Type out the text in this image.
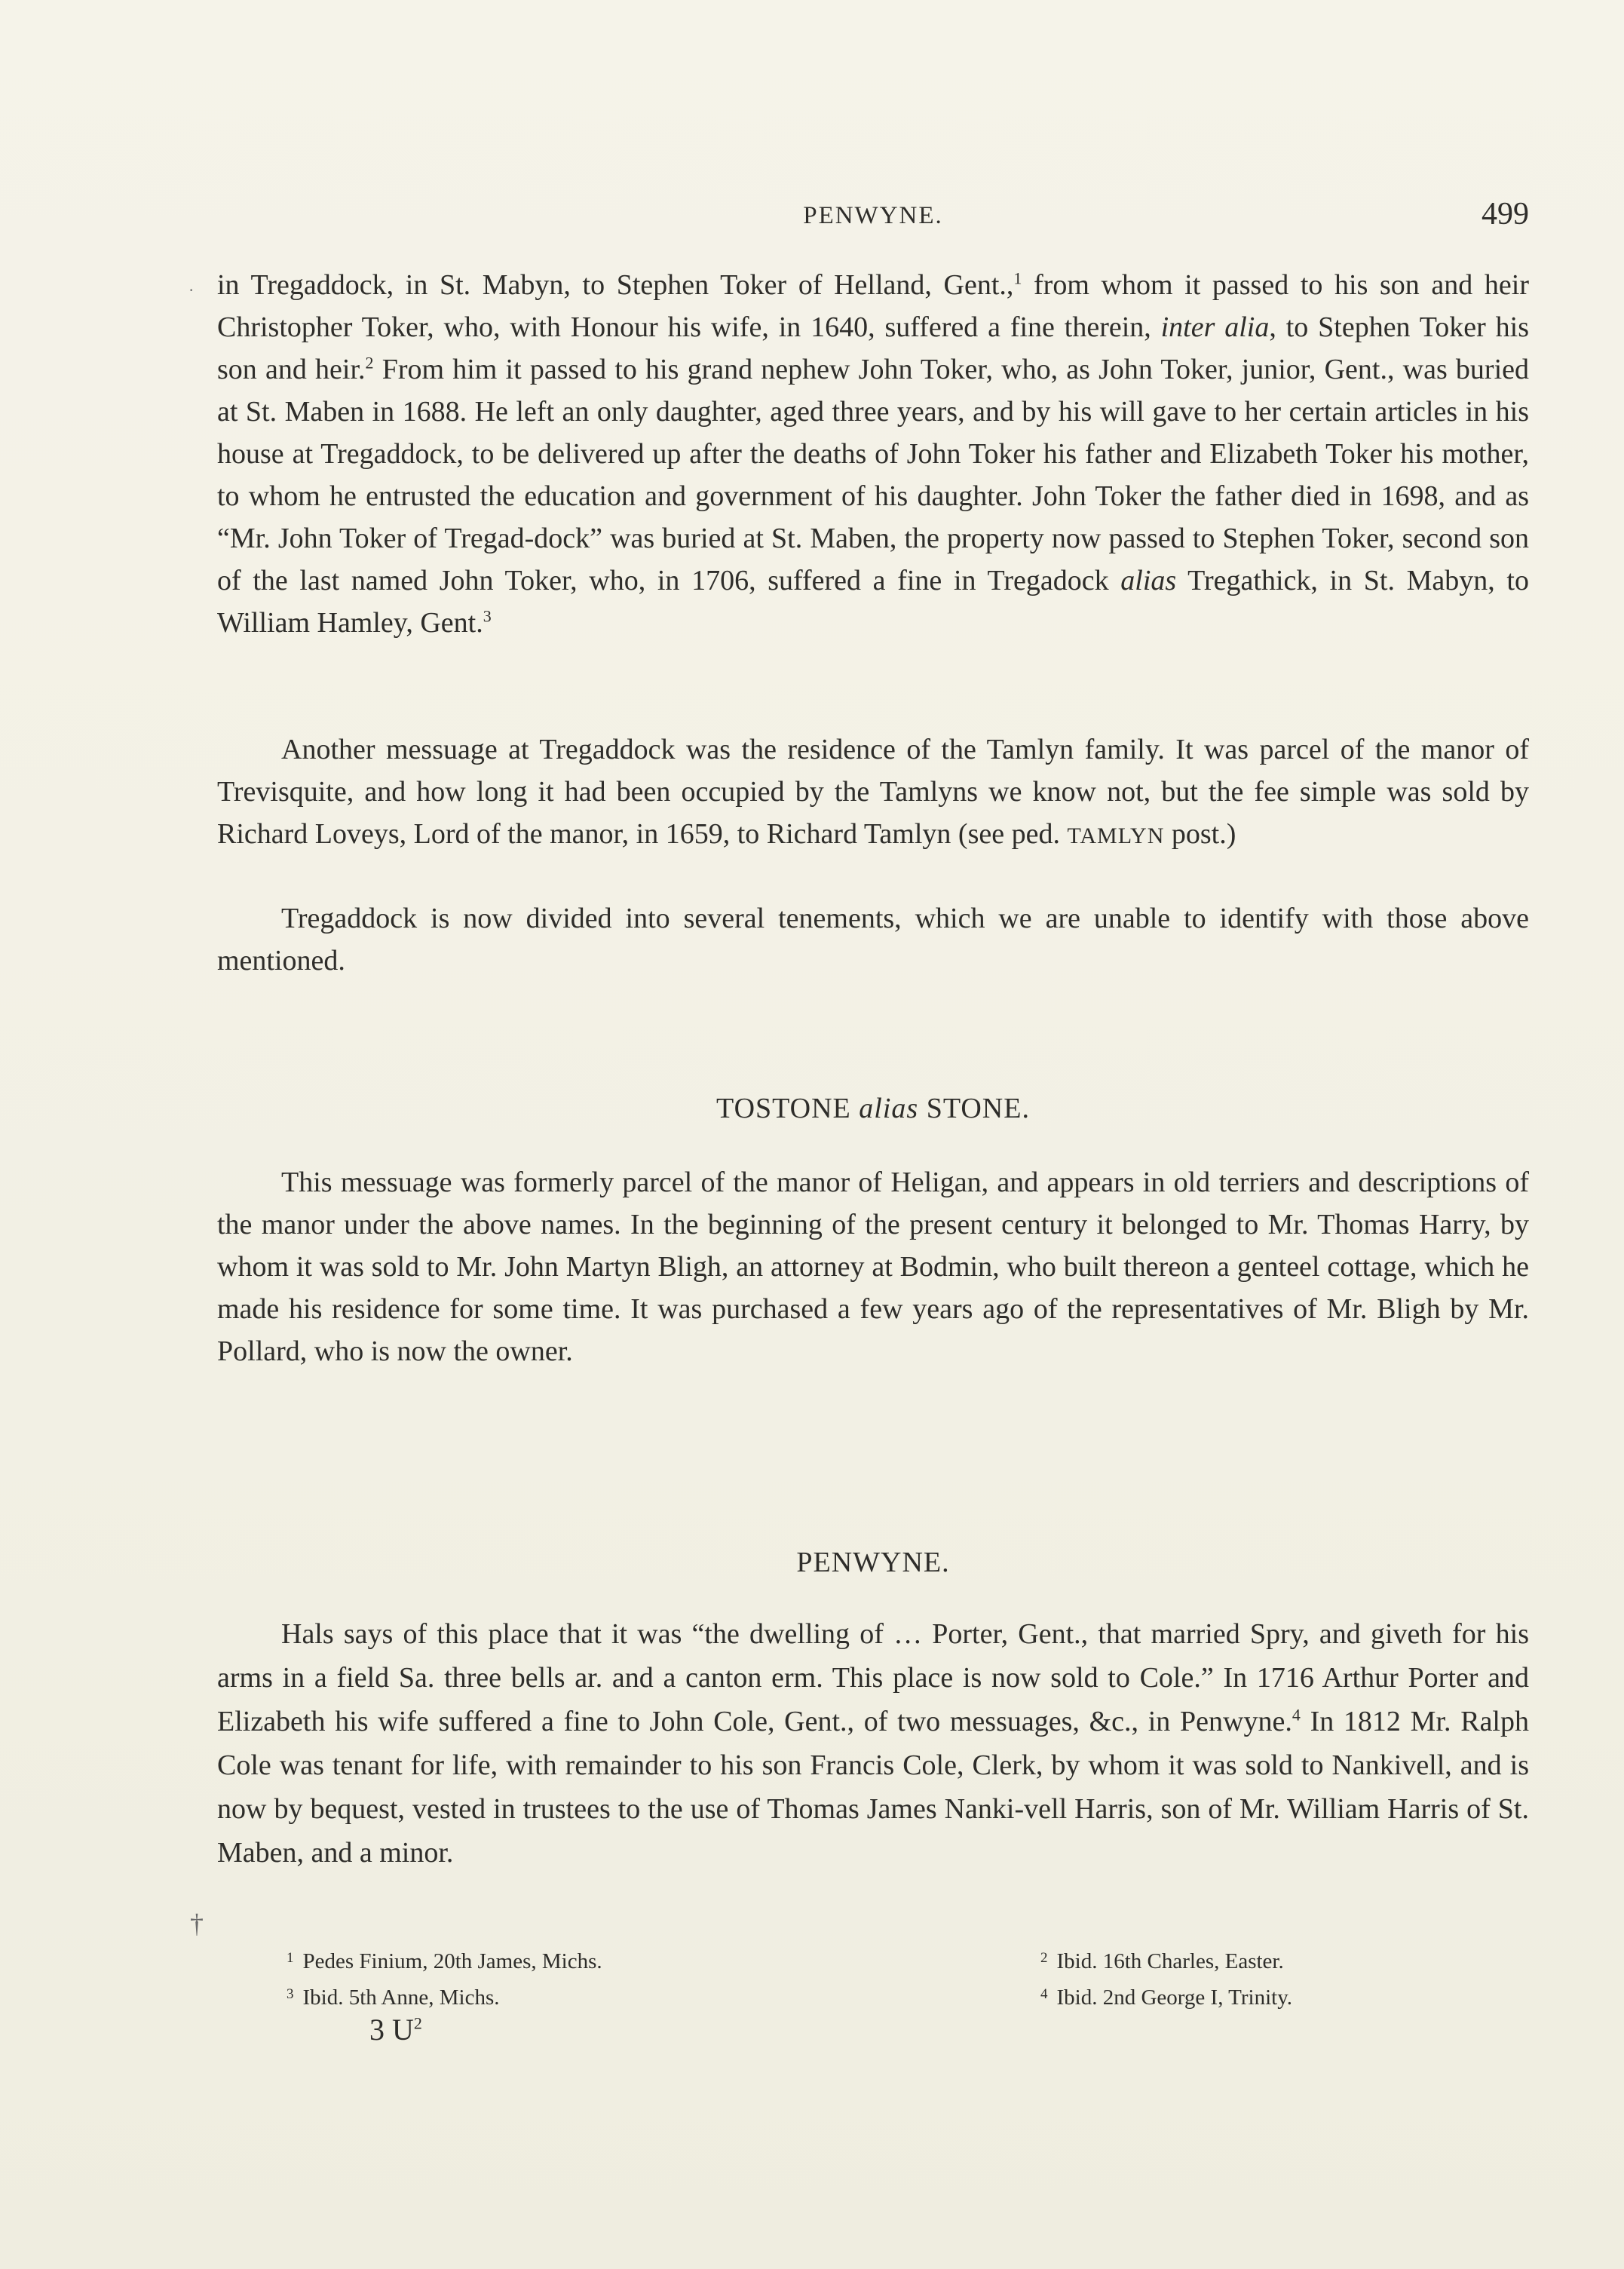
PENWYNE.	499

in Tregaddock, in St. Mabyn, to Stephen Toker of Helland, Gent.,$^1$ from whom it passed to his son and heir Christopher Toker, who, with Honour his wife, in 1640, suffered a fine therein, inter alia, to Stephen Toker his son and heir.$^2$ From him it passed to his grand nephew John Toker, who, as John Toker, junior, Gent., was buried at St. Maben in 1688. He left an only daughter, aged three years, and by his will gave to her certain articles in his house at Tregaddock, to be delivered up after the deaths of John Toker his father and Elizabeth Toker his mother, to whom he entrusted the education and government of his daughter. John Toker the father died in 1698, and as “Mr. John Toker of Tregad-dock” was buried at St. Maben, the property now passed to Stephen Toker, second son of the last named John Toker, who, in 1706, suffered a fine in Tregadock alias Tregathick, in St. Mabyn, to William Hamley, Gent.$^3$

Another messuage at Tregaddock was the residence of the Tamlyn family. It was parcel of the manor of Trevisquite, and how long it had been occupied by the Tamlyns we know not, but the fee simple was sold by Richard Loveys, Lord of the manor, in 1659, to Richard Tamlyn (see ped. TAMLYN post.)

Tregaddock is now divided into several tenements, which we are unable to identify with those above mentioned.

TOSTONE alias STONE.

This messuage was formerly parcel of the manor of Heligan, and appears in old terriers and descriptions of the manor under the above names. In the beginning of the present century it belonged to Mr. Thomas Harry, by whom it was sold to Mr. John Martyn Bligh, an attorney at Bodmin, who built thereon a genteel cottage, which he made his residence for some time. It was purchased a few years ago of the representatives of Mr. Bligh by Mr. Pollard, who is now the owner.

PENWYNE.

Hals says of this place that it was “the dwelling of … Porter, Gent., that married Spry, and giveth for his arms in a field Sa. three bells ar. and a canton erm. This place is now sold to Cole.” In 1716 Arthur Porter and Elizabeth his wife suffered a fine to John Cole, Gent., of two messuages, &c., in Penwyne.$^4$ In 1812 Mr. Ralph Cole was tenant for life, with remainder to his son Francis Cole, Clerk, by whom it was sold to Nankivell, and is now by bequest, vested in trustees to the use of Thomas James Nanki-vell Harris, son of Mr. William Harris of St. Maben, and a minor.

$^1$ Pedes Finium, 20th James, Michs.
$^3$ Ibid. 5th Anne, Michs.
$^2$ Ibid. 16th Charles, Easter.
$^4$ Ibid. 2nd George I, Trinity.
3 $U^2$
·
†
